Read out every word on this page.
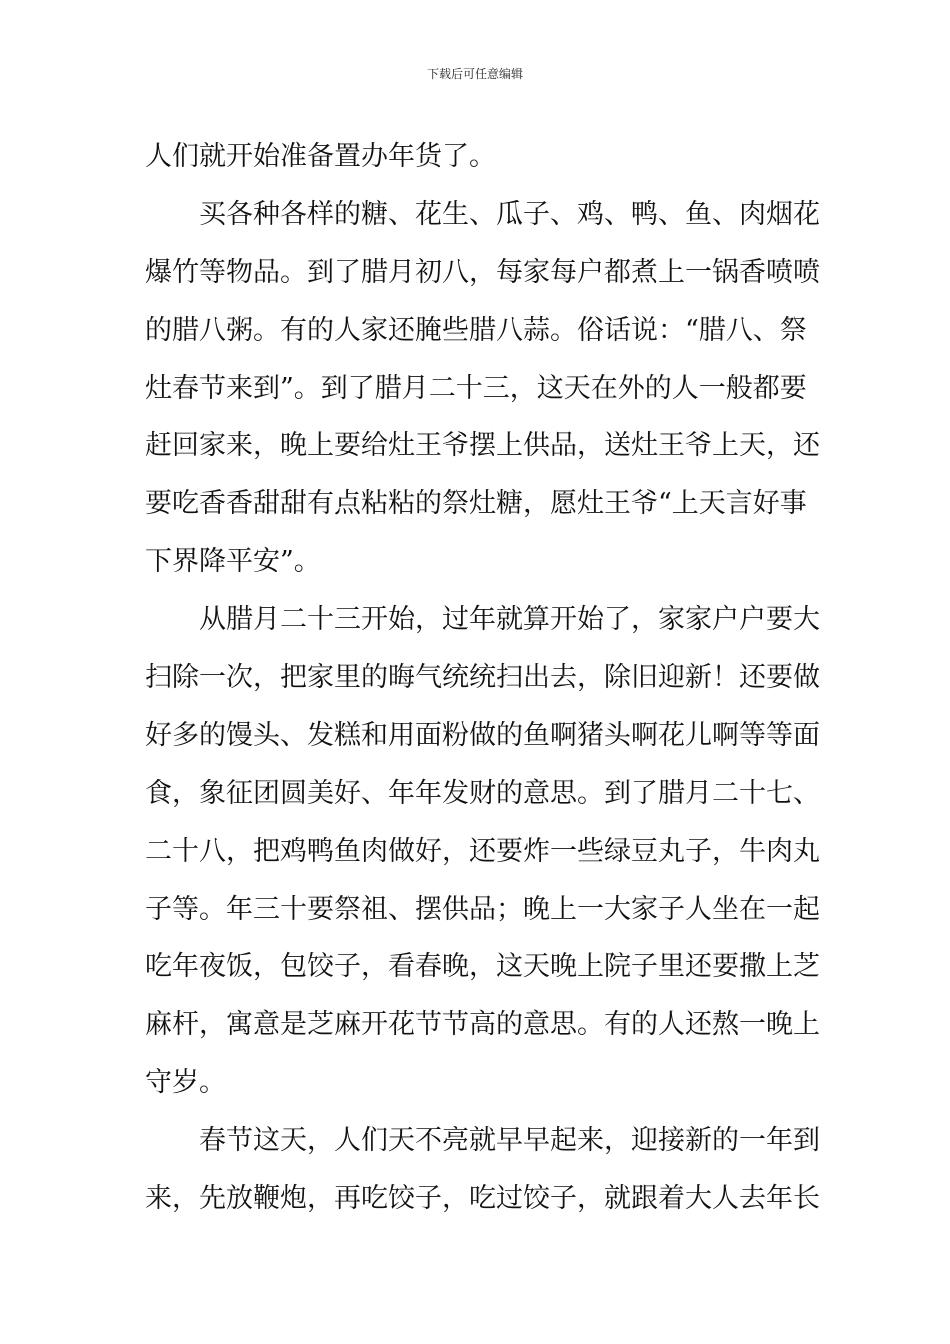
下载后可任意编辑
人们就开始准备置办年货了。
买各种各样的糖、花生、瓜子、鸡、鸭、鱼、肉烟花
爆竹等物品。到了腊月初八，每家每户都煮上一锅香喷喷
的腊八粥。有的人家还腌些腊八蒜。俗话说：“腊八、祭
灶春节来到”。到了腊月二十三，这天在外的人一般都要
赶回家来，晚上要给灶王爷摆上供品，送灶王爷上天，还
要吃香香甜甜有点粘粘的祭灶糖，愿灶王爷“上天言好事
下界降平安”。
从腊月二十三开始，过年就算开始了，家家户户要大
扫除一次，把家里的晦气统统扫出去，除旧迎新！还要做
好多的馒头、发糕和用面粉做的鱼啊猪头啊花儿啊等等面
食，象征团圆美好、年年发财的意思。到了腊月二十七、
二十八，把鸡鸭鱼肉做好，还要炸一些绿豆丸子，牛肉丸
子等。年三十要祭祖、摆供品；晚上一大家子人坐在一起
吃年夜饭，包饺子，看春晚，这天晚上院子里还要撒上芝
麻杆，寓意是芝麻开花节节高的意思。有的人还熬一晚上
守岁。
春节这天，人们天不亮就早早起来，迎接新的一年到
来，先放鞭炮，再吃饺子，吃过饺子，就跟着大人去年长
